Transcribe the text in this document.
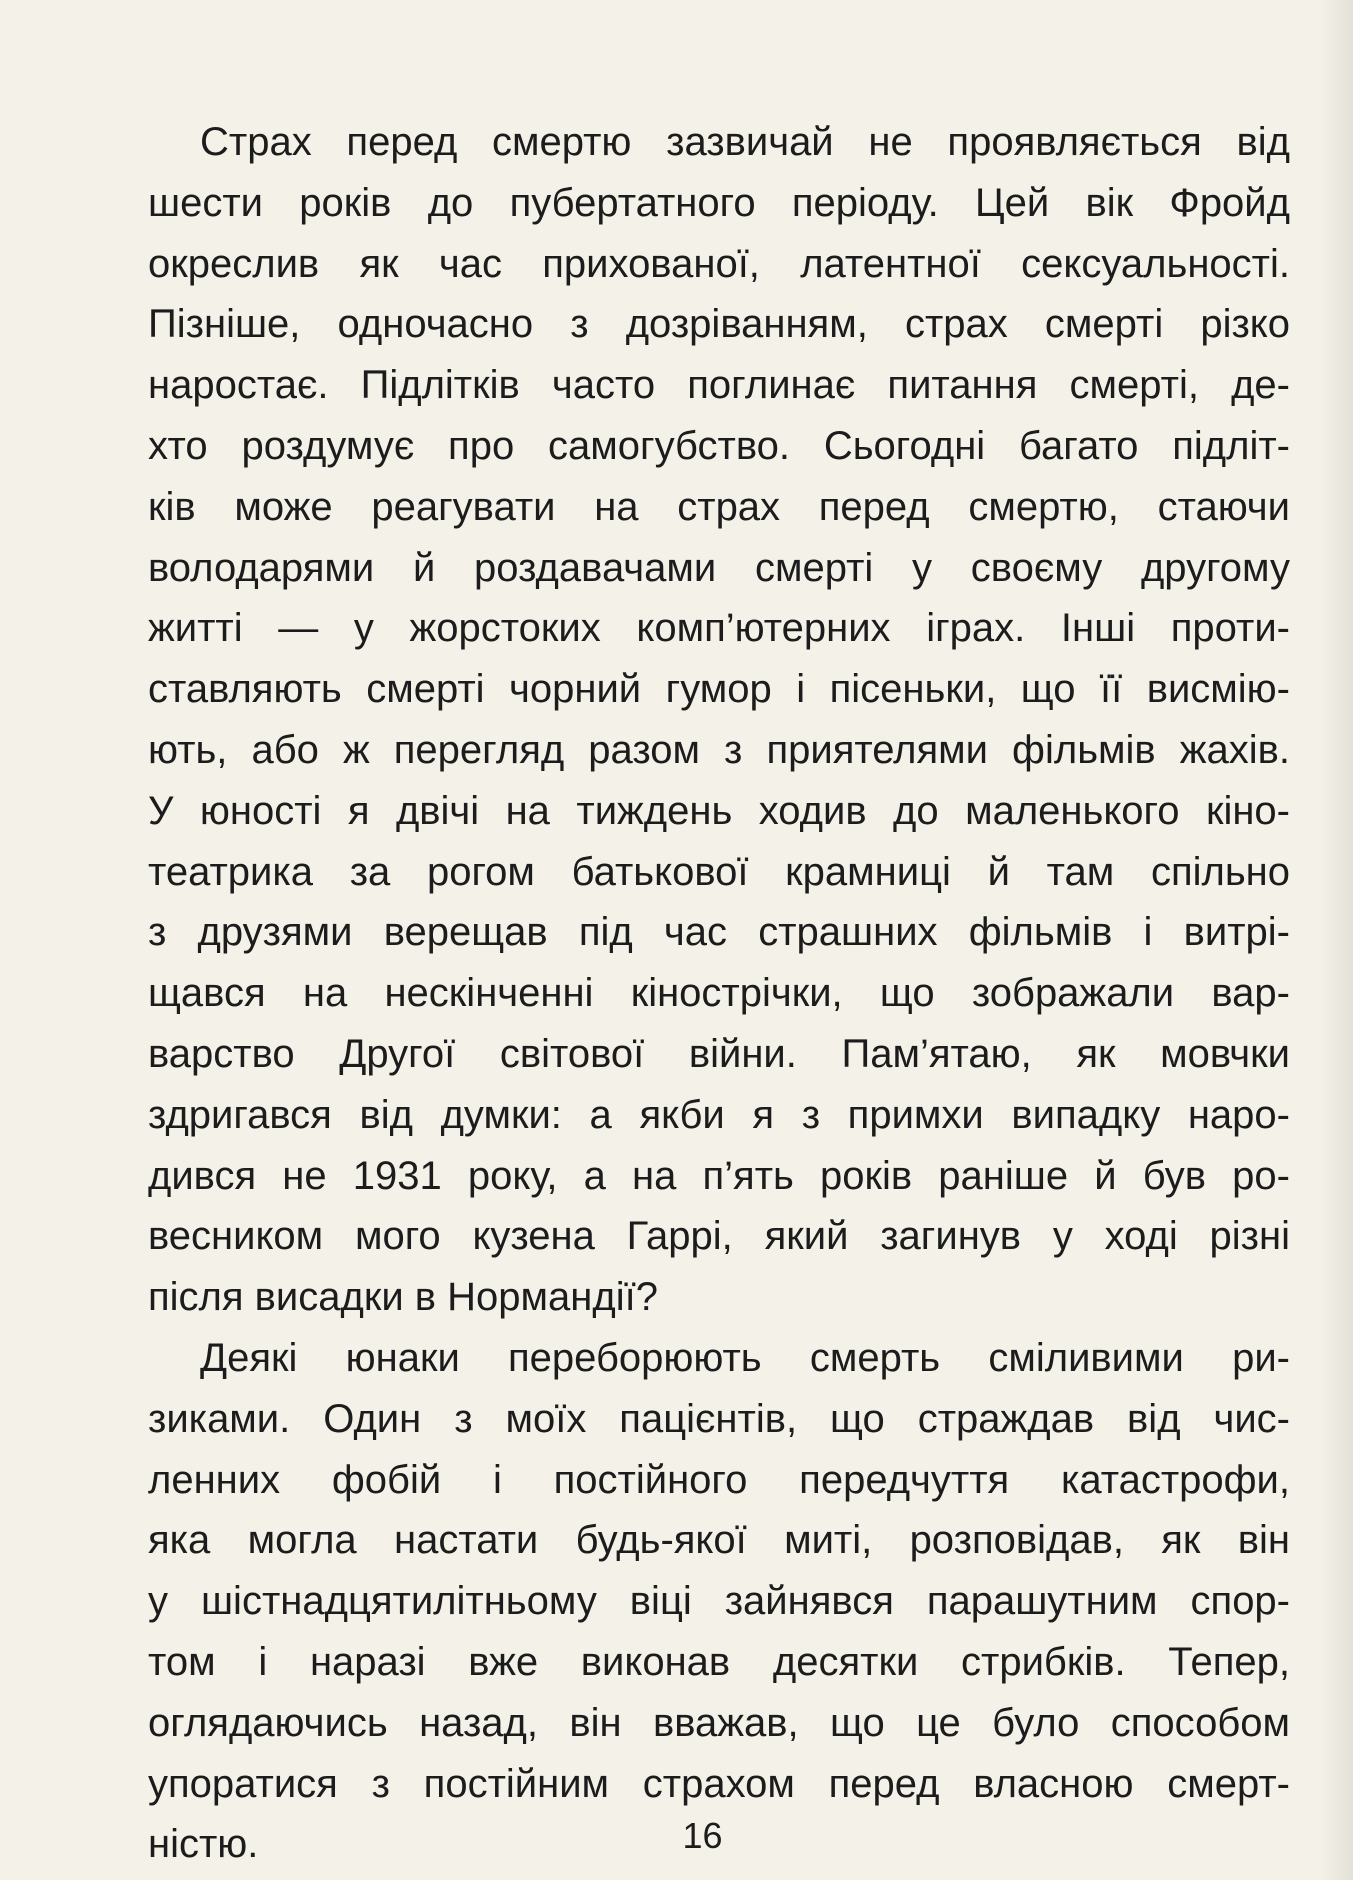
Страх перед смертю зазвичай не проявляється від
шести років до пубертатного періоду. Цей вік Фройд
окреслив як час прихованої, латентної сексуальності.
Пізніше, одночасно з дозріванням, страх смерті різко
наростає. Підлітків часто поглинає питання смерті, де-
хто роздумує про самогубство. Сьогодні багато підліт-
ків може реагувати на страх перед смертю, стаючи
володарями й роздавачами смерті у своєму другому
житті — у жорстоких комп’ютерних іграх. Інші проти-
ставляють смерті чорний гумор і пісеньки, що її висмію-
ють, або ж перегляд разом з приятелями фільмів жахів.
У юності я двічі на тиждень ходив до маленького кіно-
театрика за рогом батькової крамниці й там спільно
з друзями верещав під час страшних фільмів і витрі-
щався на нескінченні кінострічки, що зображали вар-
варство Другої світової війни. Пам’ятаю, як мовчки
здригався від думки: а якби я з примхи випадку наро-
дився не 1931 року, а на п’ять років раніше й був ро-
весником мого кузена Гаррі, який загинув у ході різні
після висадки в Нормандії?
Деякі юнаки переборюють смерть сміливими ри-
зиками. Один з моїх пацієнтів, що страждав від чис-
ленних фобій і постійного передчуття катастрофи,
яка могла настати будь-якої миті, розповідав, як він
у шістнадцятилітньому віці зайнявся парашутним спор-
том і наразі вже виконав десятки стрибків. Тепер,
оглядаючись назад, він вважав, що це було способом
упоратися з постійним страхом перед власною смерт-
ністю.	16
